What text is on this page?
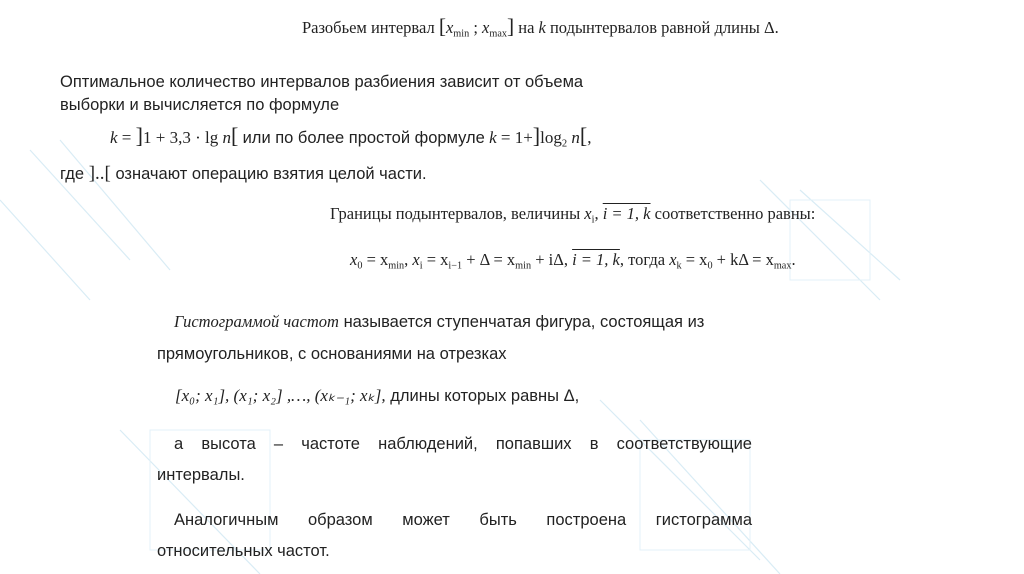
Разобьем интервал [$x_{min}$ ; $x_{max}$] на k подынтервалов равной длины Δ.
Оптимальное количество интервалов разбиения зависит от объема
выборки и вычисляется по формуле
k = ]1 + 3,3 · lg n[ или по более простой формуле $k = 1+]\log_2$ n[,
где ]..[ означают операцию взятия целой части.
Границы подынтервалов, величины $x_i$, i = 1, k соответственно равны:
$x_0 = x_{min}$, $x_i = x_{i-1} + \Delta = x_{min} + i\Delta$, i = 1, k, тогда $x_k = x_0 + k\Delta = x_{max}$.
Гистограммой частот называется ступенчатая фигура, состоящая из
прямоугольников, с основаниями на отрезках
[x₀; x₁], (x₁; x₂] ,…, (xₖ₋₁; xₖ], длины которых равны Δ,
а высота – частоте наблюдений, попавших в соответствующие
интервалы.
Аналогичным образом может быть построена гистограмма
относительных частот.
